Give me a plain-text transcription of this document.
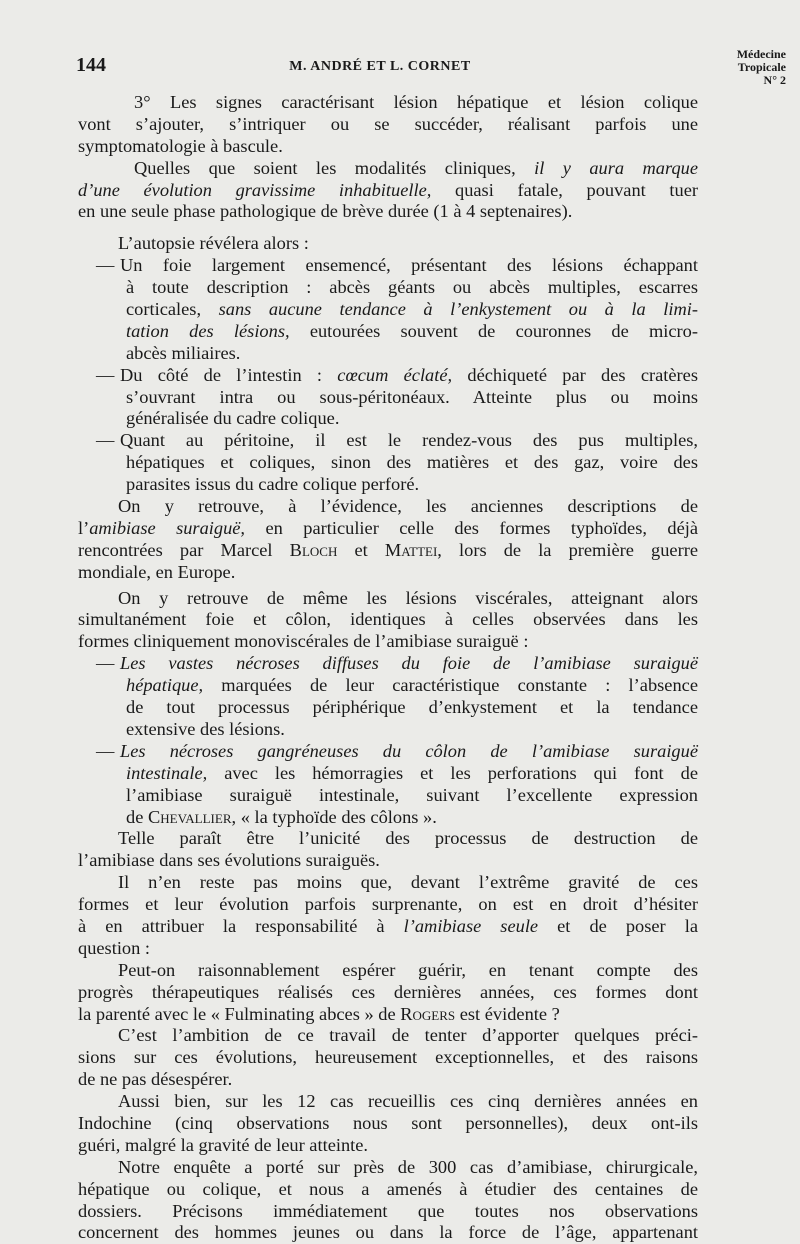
144	M. ANDRÉ ET L. CORNET
Médecine
Tropicale
N° 2
3° Les signes caractérisant lésion hépatique et lésion colique
vont s’ajouter, s’intriquer ou se succéder, réalisant parfois une
symptomatologie à bascule.
Quelles que soient les modalités cliniques, il y aura marque
d’une évolution gravissime inhabituelle, quasi fatale, pouvant tuer
en une seule phase pathologique de brève durée (1 à 4 septenaires).
L’autopsie révélera alors :
— Un foie largement ensemencé, présentant des lésions échappant
à toute description : abcès géants ou abcès multiples, escarres
corticales, sans aucune tendance à l’enkystement ou à la limi-
tation des lésions, eutourées souvent de couronnes de micro-
abcès miliaires.
— Du côté de l’intestin : cœcum éclaté, déchiqueté par des cratères
s’ouvrant intra ou sous-péritonéaux. Atteinte plus ou moins
généralisée du cadre colique.
— Quant au péritoine, il est le rendez-vous des pus multiples,
hépatiques et coliques, sinon des matières et des gaz, voire des
parasites issus du cadre colique perforé.
On y retrouve, à l’évidence, les anciennes descriptions de
l’amibiase suraiguë, en particulier celle des formes typhoïdes, déjà
rencontrées par Marcel Bloch et Mattei, lors de la première guerre
mondiale, en Europe.
On y retrouve de même les lésions viscérales, atteignant alors
simultanément foie et côlon, identiques à celles observées dans les
formes cliniquement monoviscérales de l’amibiase suraiguë :
— Les vastes nécroses diffuses du foie de l’amibiase suraiguë
hépatique, marquées de leur caractéristique constante : l’absence
de tout processus périphérique d’enkystement et la tendance
extensive des lésions.
— Les nécroses gangréneuses du côlon de l’amibiase suraiguë
intestinale, avec les hémorragies et les perforations qui font de
l’amibiase suraiguë intestinale, suivant l’excellente expression
de Chevallier, « la typhoïde des côlons ».
Telle paraît être l’unicité des processus de destruction de
l’amibiase dans ses évolutions suraiguës.
Il n’en reste pas moins que, devant l’extrême gravité de ces
formes et leur évolution parfois surprenante, on est en droit d’hésiter
à en attribuer la responsabilité à l’amibiase seule et de poser la
question :
Peut-on raisonnablement espérer guérir, en tenant compte des
progrès thérapeutiques réalisés ces dernières années, ces formes dont
la parenté avec le « Fulminating abces » de Rogers est évidente ?
C’est l’ambition de ce travail de tenter d’apporter quelques préci-
sions sur ces évolutions, heureusement exceptionnelles, et des raisons
de ne pas désespérer.
Aussi bien, sur les 12 cas recueillis ces cinq dernières années en
Indochine (cinq observations nous sont personnelles), deux ont-ils
guéri, malgré la gravité de leur atteinte.
Notre enquête a porté sur près de 300 cas d’amibiase, chirurgicale,
hépatique ou colique, et nous a amenés à étudier des centaines de
dossiers. Précisons immédiatement que toutes nos observations
concernent des hommes jeunes ou dans la force de l’âge, appartenant
